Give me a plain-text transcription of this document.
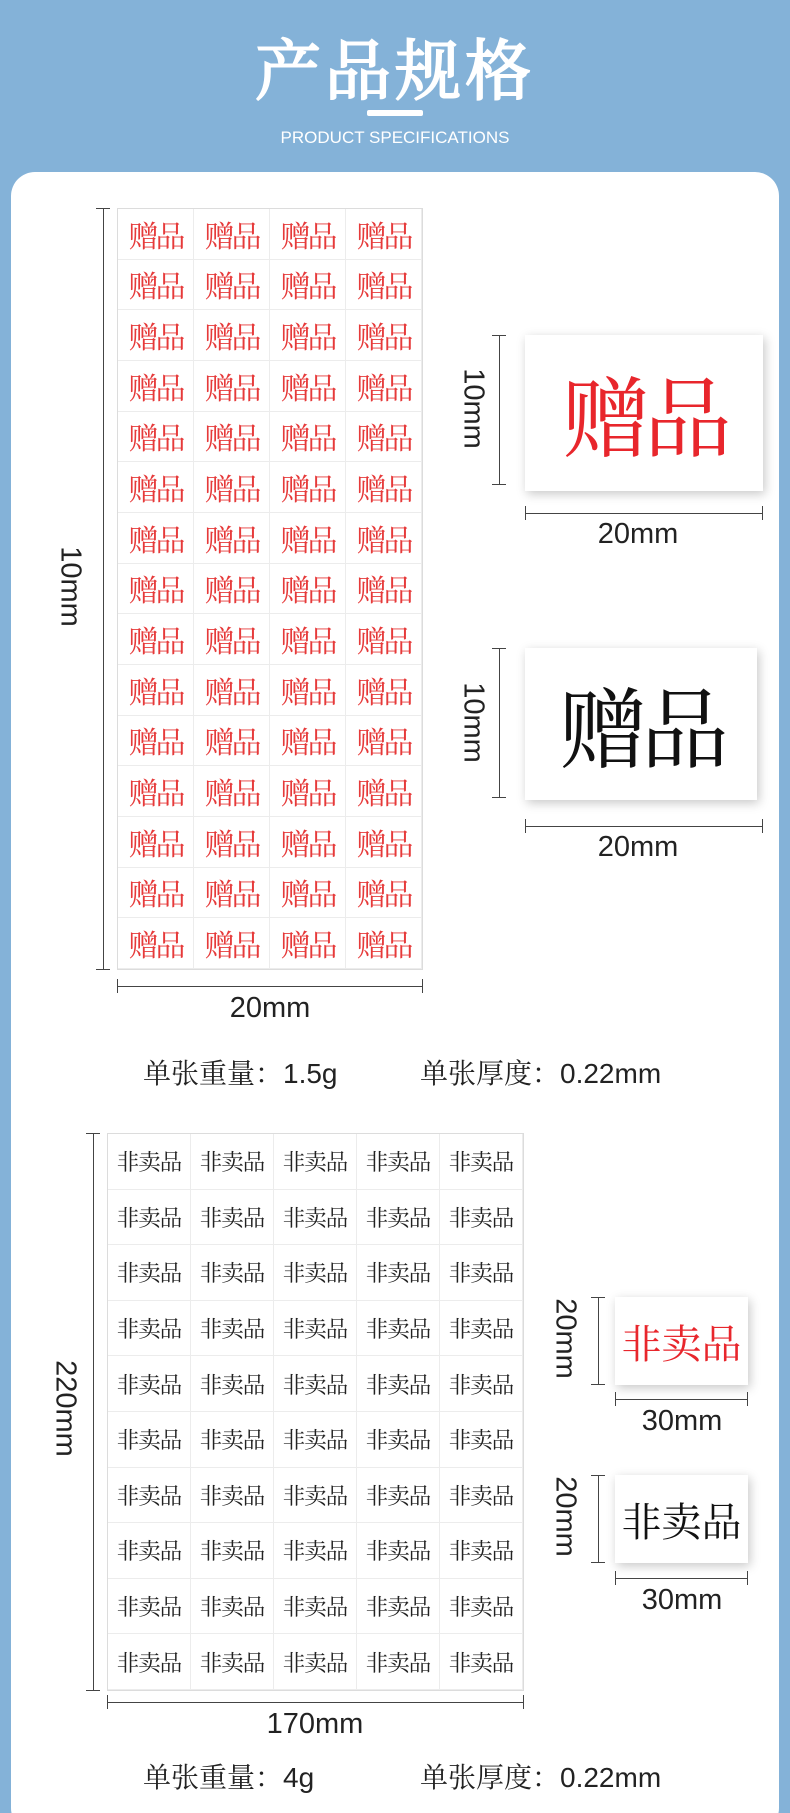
产品规格
PRODUCT SPECIFICATIONS
赠品 赠品 赠品 赠品
赠品 赠品 赠品 赠品
赠品 赠品 赠品 赠品
赠品 赠品 赠品 赠品
赠品 赠品 赠品 赠品
赠品 赠品 赠品 赠品
赠品 赠品 赠品 赠品
赠品 赠品 赠品 赠品
赠品 赠品 赠品 赠品
赠品 赠品 赠品 赠品
赠品 赠品 赠品 赠品
赠品 赠品 赠品 赠品
赠品 赠品 赠品 赠品
赠品 赠品 赠品 赠品
赠品 赠品 赠品 赠品
10mm
20mm
10mm 赠品
20mm
10mm 赠品
20mm
单张重量：1.5g	单张厚度：0.22mm
非卖品 非卖品 非卖品 非卖品 非卖品
非卖品 非卖品 非卖品 非卖品 非卖品
非卖品 非卖品 非卖品 非卖品 非卖品
非卖品 非卖品 非卖品 非卖品 非卖品
非卖品 非卖品 非卖品 非卖品 非卖品
非卖品 非卖品 非卖品 非卖品 非卖品
非卖品 非卖品 非卖品 非卖品 非卖品
非卖品 非卖品 非卖品 非卖品 非卖品
非卖品 非卖品 非卖品 非卖品 非卖品
非卖品 非卖品 非卖品 非卖品 非卖品
220mm
170mm
20mm 非卖品
30mm
20mm 非卖品
30mm
单张重量：4g	单张厚度：0.22mm
